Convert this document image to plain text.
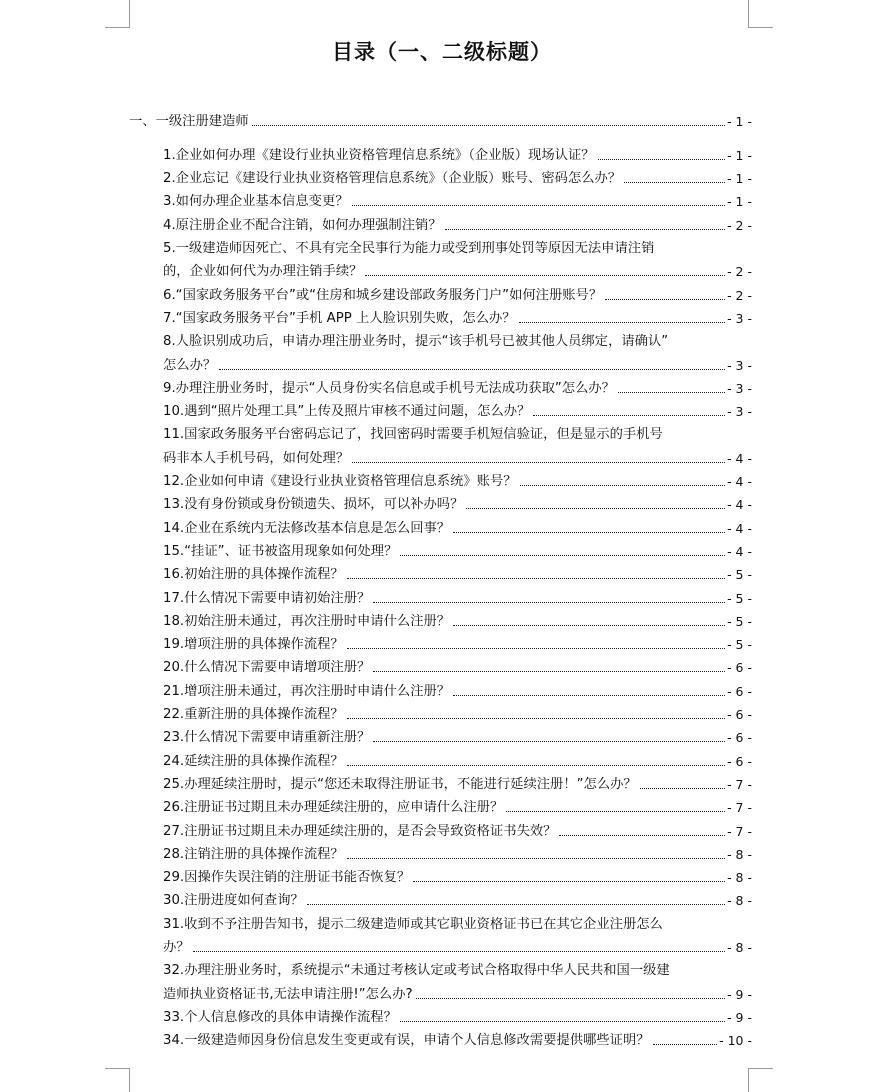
目录（一、二级标题）
一、一级注册建造师	- 1 -
1.企业如何办理《建设行业执业资格管理信息系统》（企业版）现场认证？	- 1 -
2.企业忘记《建设行业执业资格管理信息系统》（企业版）账号、密码怎么办？	- 1 -
3.如何办理企业基本信息变更？	- 1 -
4.原注册企业不配合注销，如何办理强制注销？	- 2 -
5.一级建造师因死亡、不具有完全民事行为能力或受到刑事处罚等原因无法申请注销
的，企业如何代为办理注销手续？	- 2 -
6.“国家政务服务平台”或“住房和城乡建设部政务服务门户”如何注册账号？	- 2 -
7.“国家政务服务平台”手机 APP 上人脸识别失败，怎么办？	- 3 -
8.人脸识别成功后，申请办理注册业务时，提示“该手机号已被其他人员绑定，请确认”
怎么办？	- 3 -
9.办理注册业务时，提示“人员身份实名信息或手机号无法成功获取”怎么办？	- 3 -
10.遇到“照片处理工具”上传及照片审核不通过问题，怎么办？	- 3 -
11.国家政务服务平台密码忘记了，找回密码时需要手机短信验证，但是显示的手机号
码非本人手机号码，如何处理？	- 4 -
12.企业如何申请《建设行业执业资格管理信息系统》账号？	- 4 -
13.没有身份锁或身份锁遗失、损坏，可以补办吗？	- 4 -
14.企业在系统内无法修改基本信息是怎么回事？	- 4 -
15.“挂证”、证书被盗用现象如何处理？	- 4 -
16.初始注册的具体操作流程？	- 5 -
17.什么情况下需要申请初始注册？	- 5 -
18.初始注册未通过，再次注册时申请什么注册？	- 5 -
19.增项注册的具体操作流程？	- 5 -
20.什么情况下需要申请增项注册？	- 6 -
21.增项注册未通过，再次注册时申请什么注册？	- 6 -
22.重新注册的具体操作流程？	- 6 -
23.什么情况下需要申请重新注册？	- 6 -
24.延续注册的具体操作流程？	- 6 -
25.办理延续注册时，提示“您还未取得注册证书，不能进行延续注册！”怎么办？	- 7 -
26.注册证书过期且未办理延续注册的，应申请什么注册？	- 7 -
27.注册证书过期且未办理延续注册的，是否会导致资格证书失效？	- 7 -
28.注销注册的具体操作流程？	- 8 -
29.因操作失误注销的注册证书能否恢复？	- 8 -
30.注册进度如何查询？	- 8 -
31.收到不予注册告知书，提示二级建造师或其它职业资格证书已在其它企业注册怎么
办？	- 8 -
32.办理注册业务时，系统提示“未通过考核认定或考试合格取得中华人民共和国一级建
造师执业资格证书,无法申请注册!”怎么办?	- 9 -
33.个人信息修改的具体申请操作流程？	- 9 -
34.一级建造师因身份信息发生变更或有误，申请个人信息修改需要提供哪些证明？	- 10 -
